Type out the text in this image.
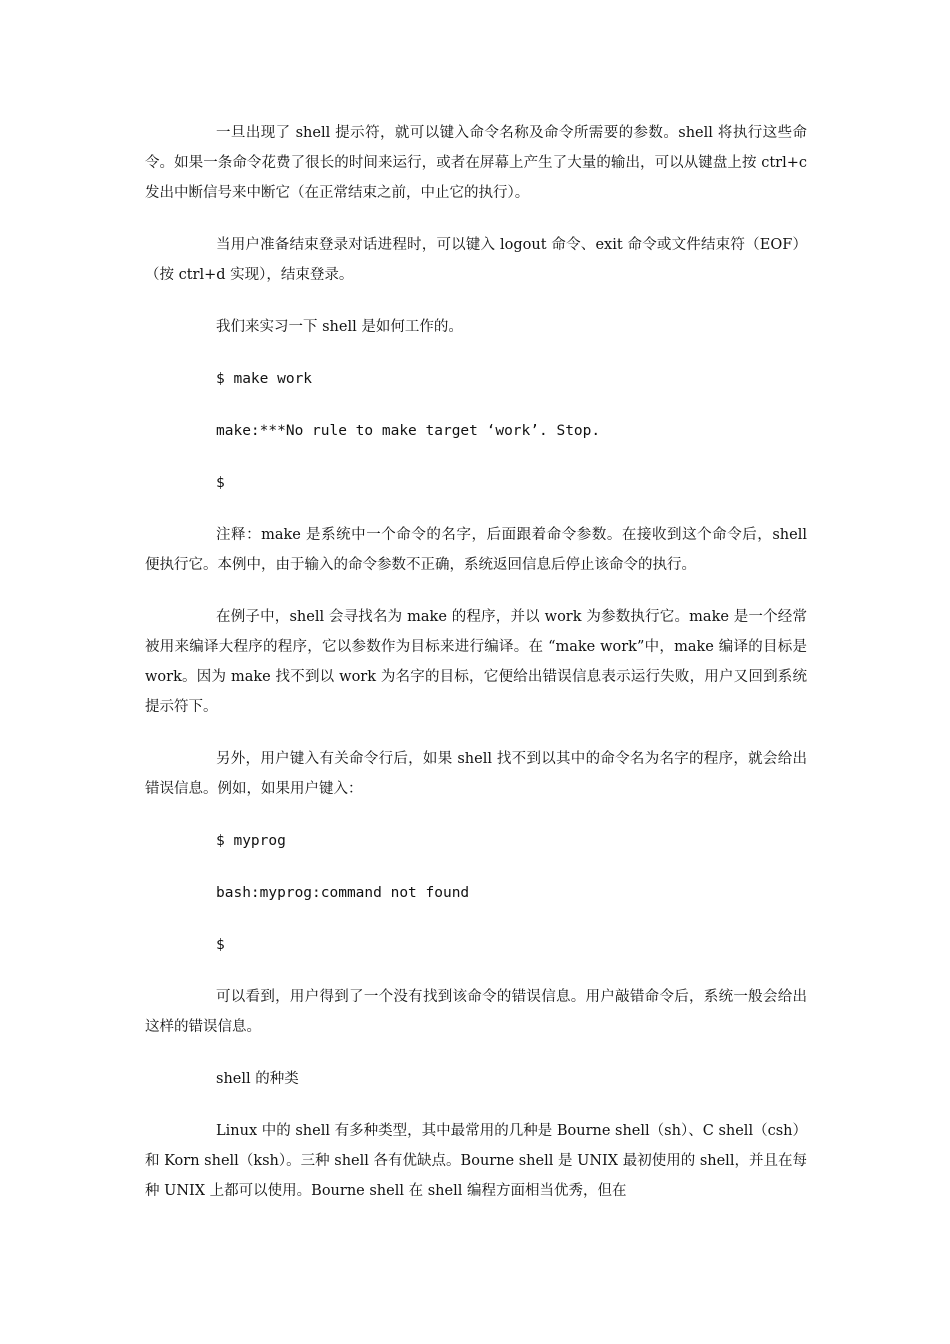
一旦出现了 shell 提示符，就可以键入命令名称及命令所需要的参数。shell 将执行这些命令。如果一条命令花费了很长的时间来运行，或者在屏幕上产生了大量的输出，可以从键盘上按 ctrl+c 发出中断信号来中断它（在正常结束之前，中止它的执行）。

当用户准备结束登录对话进程时，可以键入 logout 命令、exit 命令或文件结束符（EOF）（按 ctrl+d 实现），结束登录。

我们来实习一下 shell 是如何工作的。

$ make work

make:***No rule to make target ‘work’. Stop.

$

注释：make 是系统中一个命令的名字，后面跟着命令参数。在接收到这个命令后，shell 便执行它。本例中，由于输入的命令参数不正确，系统返回信息后停止该命令的执行。

在例子中，shell 会寻找名为 make 的程序，并以 work 为参数执行它。make 是一个经常被用来编译大程序的程序，它以参数作为目标来进行编译。在 “make work”中，make 编译的目标是 work。因为 make 找不到以 work 为名字的目标，它便给出错误信息表示运行失败，用户又回到系统提示符下。

另外，用户键入有关命令行后，如果 shell 找不到以其中的命令名为名字的程序，就会给出错误信息。例如，如果用户键入：

$ myprog

bash:myprog:command not found

$

可以看到，用户得到了一个没有找到该命令的错误信息。用户敲错命令后，系统一般会给出这样的错误信息。

shell 的种类

Linux 中的 shell 有多种类型，其中最常用的几种是 Bourne shell（sh）、C shell（csh）和 Korn shell（ksh）。三种 shell 各有优缺点。Bourne shell 是 UNIX 最初使用的 shell，并且在每种 UNIX 上都可以使用。Bourne shell 在 shell 编程方面相当优秀，但在
